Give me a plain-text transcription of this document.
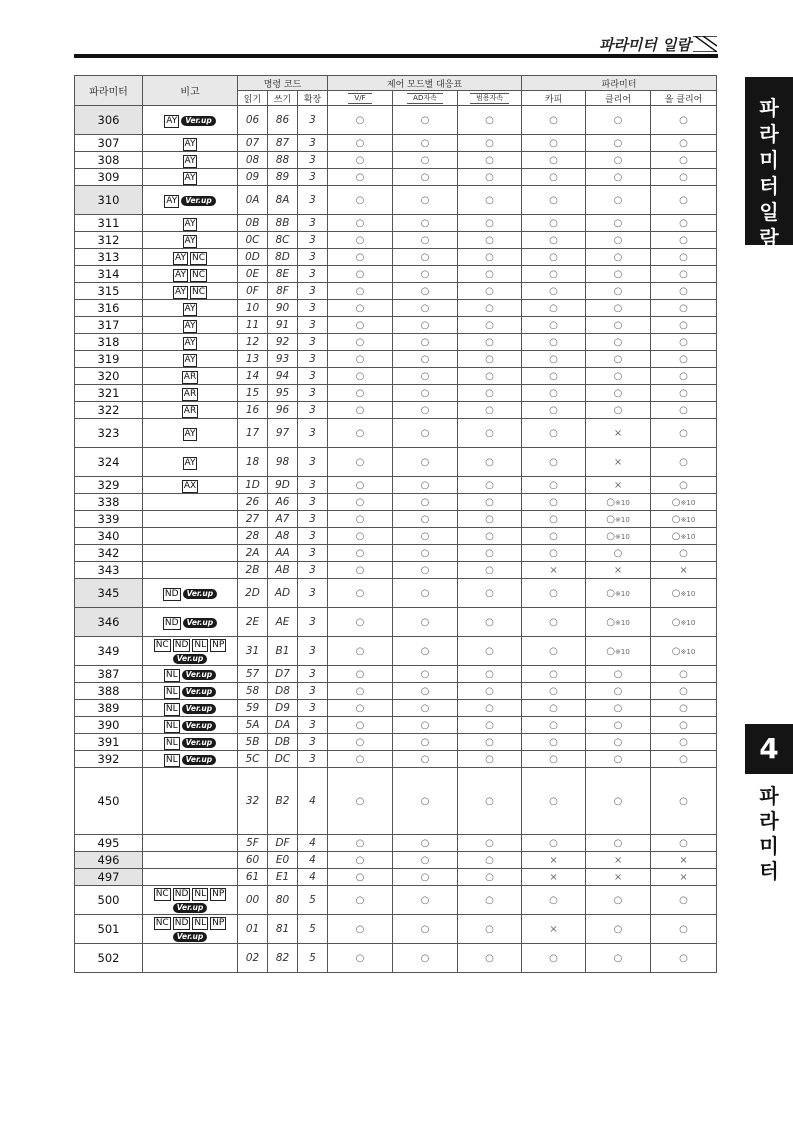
파라미터 일람
파
라
미
터
일
람
4
파
라
미
터
파라미터	비고	명령 코드			제어 모드별 대응표			파라미터		
		읽기	쓰기	확장	V/F	AD자속	범용자속	카피	클리어	올 클리어
306	AY Ver.up	06	86	3	○	○	○	○	○	○
307	AY	07	87	3	○	○	○	○	○	○
308	AY	08	88	3	○	○	○	○	○	○
309	AY	09	89	3	○	○	○	○	○	○
310	AY Ver.up	0A	8A	3	○	○	○	○	○	○
311	AY	0B	8B	3	○	○	○	○	○	○
312	AY	0C	8C	3	○	○	○	○	○	○
313	AY NC	0D	8D	3	○	○	○	○	○	○
314	AY NC	0E	8E	3	○	○	○	○	○	○
315	AY NC	0F	8F	3	○	○	○	○	○	○
316	AY	10	90	3	○	○	○	○	○	○
317	AY	11	91	3	○	○	○	○	○	○
318	AY	12	92	3	○	○	○	○	○	○
319	AY	13	93	3	○	○	○	○	○	○
320	AR	14	94	3	○	○	○	○	○	○
321	AR	15	95	3	○	○	○	○	○	○
322	AR	16	96	3	○	○	○	○	○	○
323	AY	17	97	3	○	○	○	○	×	○
324	AY	18	98	3	○	○	○	○	×	○
329	AX	1D	9D	3	○	○	○	○	×	○
338		26	A6	3	○	○	○	○	○※10	○※10
339		27	A7	3	○	○	○	○	○※10	○※10
340		28	A8	3	○	○	○	○	○※10	○※10
342		2A	AA	3	○	○	○	○	○	○
343		2B	AB	3	○	○	○	×	×	×
345	ND Ver.up	2D	AD	3	○	○	○	○	○※10	○※10
346	ND Ver.up	2E	AE	3	○	○	○	○	○※10	○※10
349	NC ND NL NP
Ver.up	31	B1	3	○	○	○	○	○※10	○※10
387	NL Ver.up	57	D7	3	○	○	○	○	○	○
388	NL Ver.up	58	D8	3	○	○	○	○	○	○
389	NL Ver.up	59	D9	3	○	○	○	○	○	○
390	NL Ver.up	5A	DA	3	○	○	○	○	○	○
391	NL Ver.up	5B	DB	3	○	○	○	○	○	○
392	NL Ver.up	5C	DC	3	○	○	○	○	○	○
450		32	B2	4	○	○	○	○	○	○
495		5F	DF	4	○	○	○	○	○	○
496		60	E0	4	○	○	○	×	×	×
497		61	E1	4	○	○	○	×	×	×
500	NC ND NL NP
Ver.up	00	80	5	○	○	○	○	○	○
501	NC ND NL NP
Ver.up	01	81	5	○	○	○	×	○	○
502		02	82	5	○	○	○	○	○	○
